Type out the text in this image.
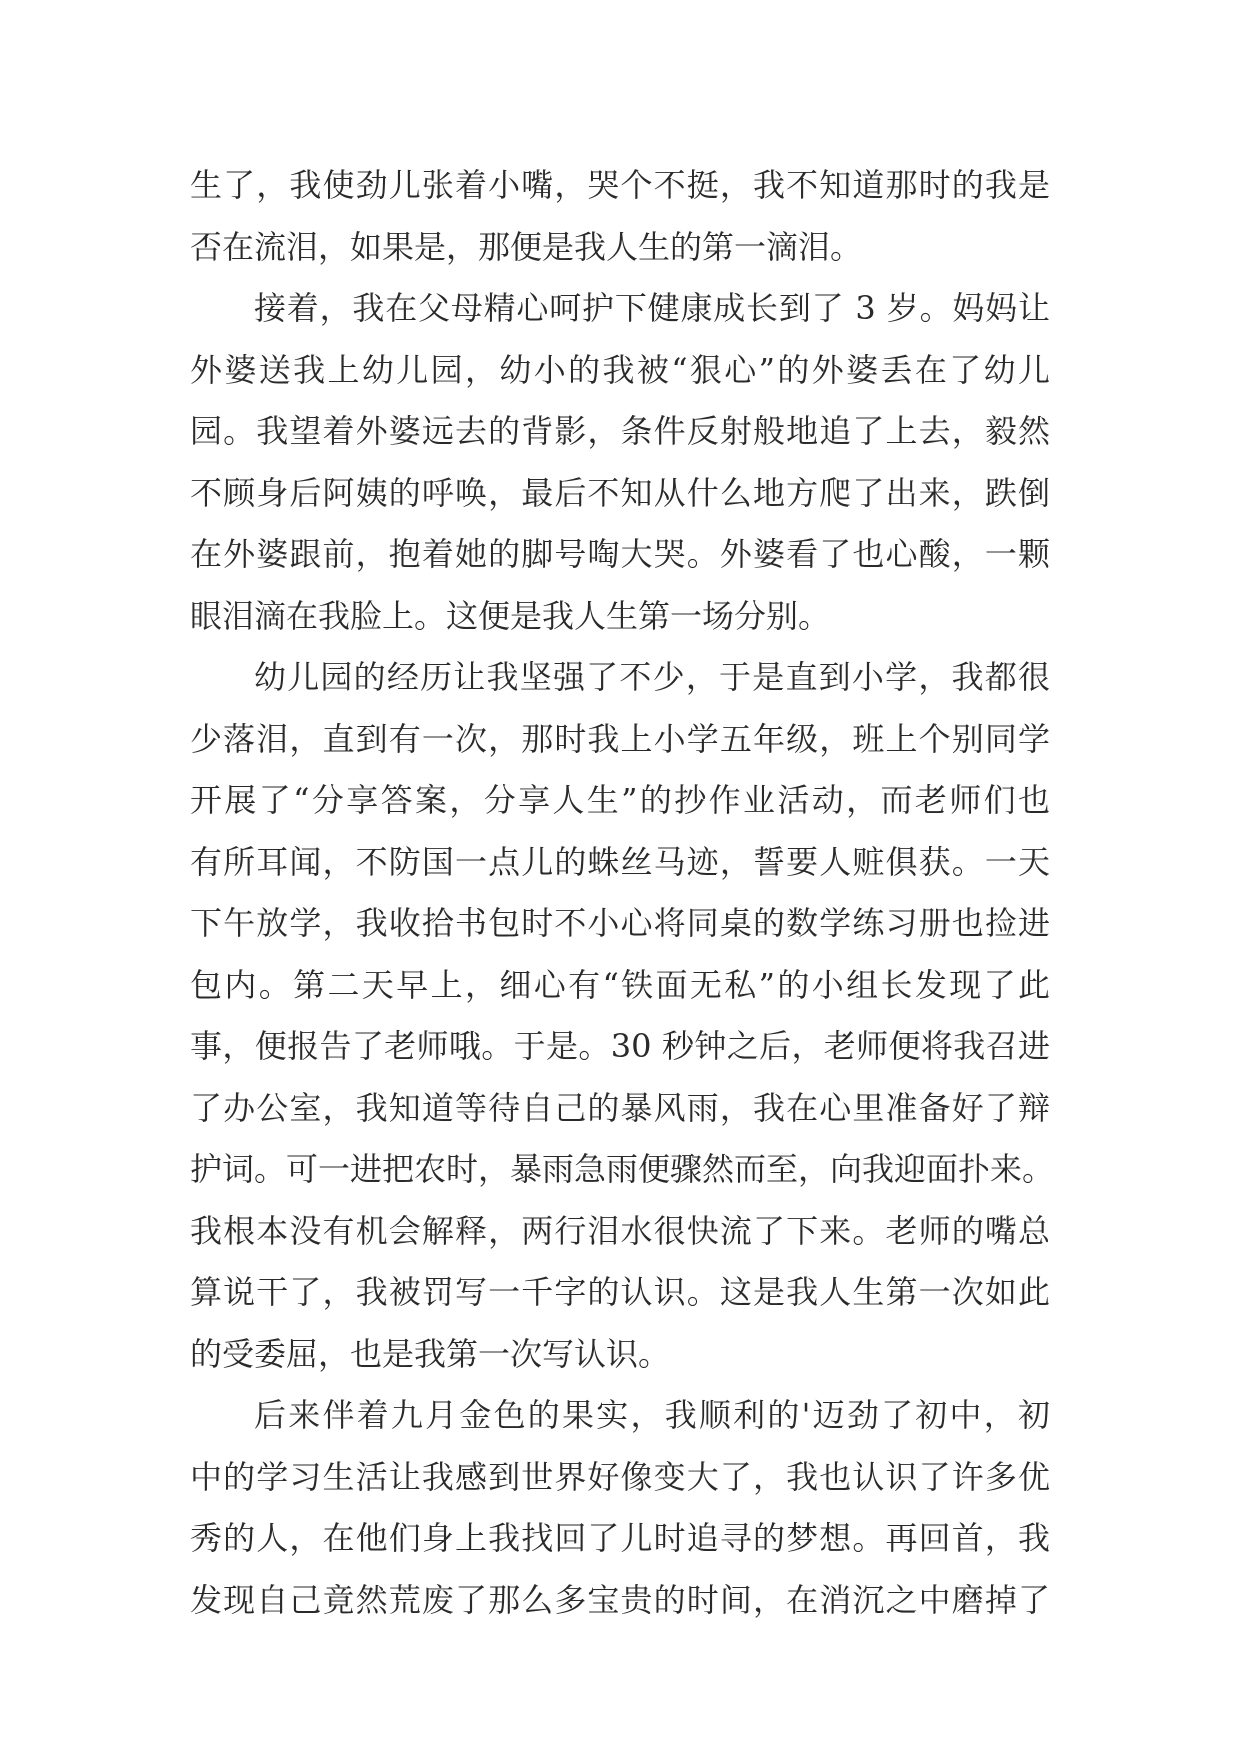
生了，我使劲儿张着小嘴，哭个不挺，我不知道那时的我是
否在流泪，如果是，那便是我人生的第一滴泪。
接着，我在父母精心呵护下健康成长到了 3 岁。妈妈让
外婆送我上幼儿园，幼小的我被“狠心”的外婆丢在了幼儿
园。我望着外婆远去的背影，条件反射般地追了上去，毅然
不顾身后阿姨的呼唤，最后不知从什么地方爬了出来，跌倒
在外婆跟前，抱着她的脚号啕大哭。外婆看了也心酸，一颗
眼泪滴在我脸上。这便是我人生第一场分别。
幼儿园的经历让我坚强了不少，于是直到小学，我都很
少落泪，直到有一次，那时我上小学五年级，班上个别同学
开展了“分享答案，分享人生”的抄作业活动，而老师们也
有所耳闻，不防国一点儿的蛛丝马迹，誓要人赃俱获。一天
下午放学，我收拾书包时不小心将同桌的数学练习册也捡进
包内。第二天早上，细心有“铁面无私”的小组长发现了此
事，便报告了老师哦。于是。30 秒钟之后，老师便将我召进
了办公室，我知道等待自己的暴风雨，我在心里准备好了辩
护词。可一进把农时，暴雨急雨便骤然而至，向我迎面扑来。
我根本没有机会解释，两行泪水很快流了下来。老师的嘴总
算说干了，我被罚写一千字的认识。这是我人生第一次如此
的受委屈，也是我第一次写认识。
后来伴着九月金色的果实，我顺利的'迈劲了初中，初
中的学习生活让我感到世界好像变大了，我也认识了许多优
秀的人，在他们身上我找回了儿时追寻的梦想。再回首，我
发现自己竟然荒废了那么多宝贵的时间，在消沉之中磨掉了
